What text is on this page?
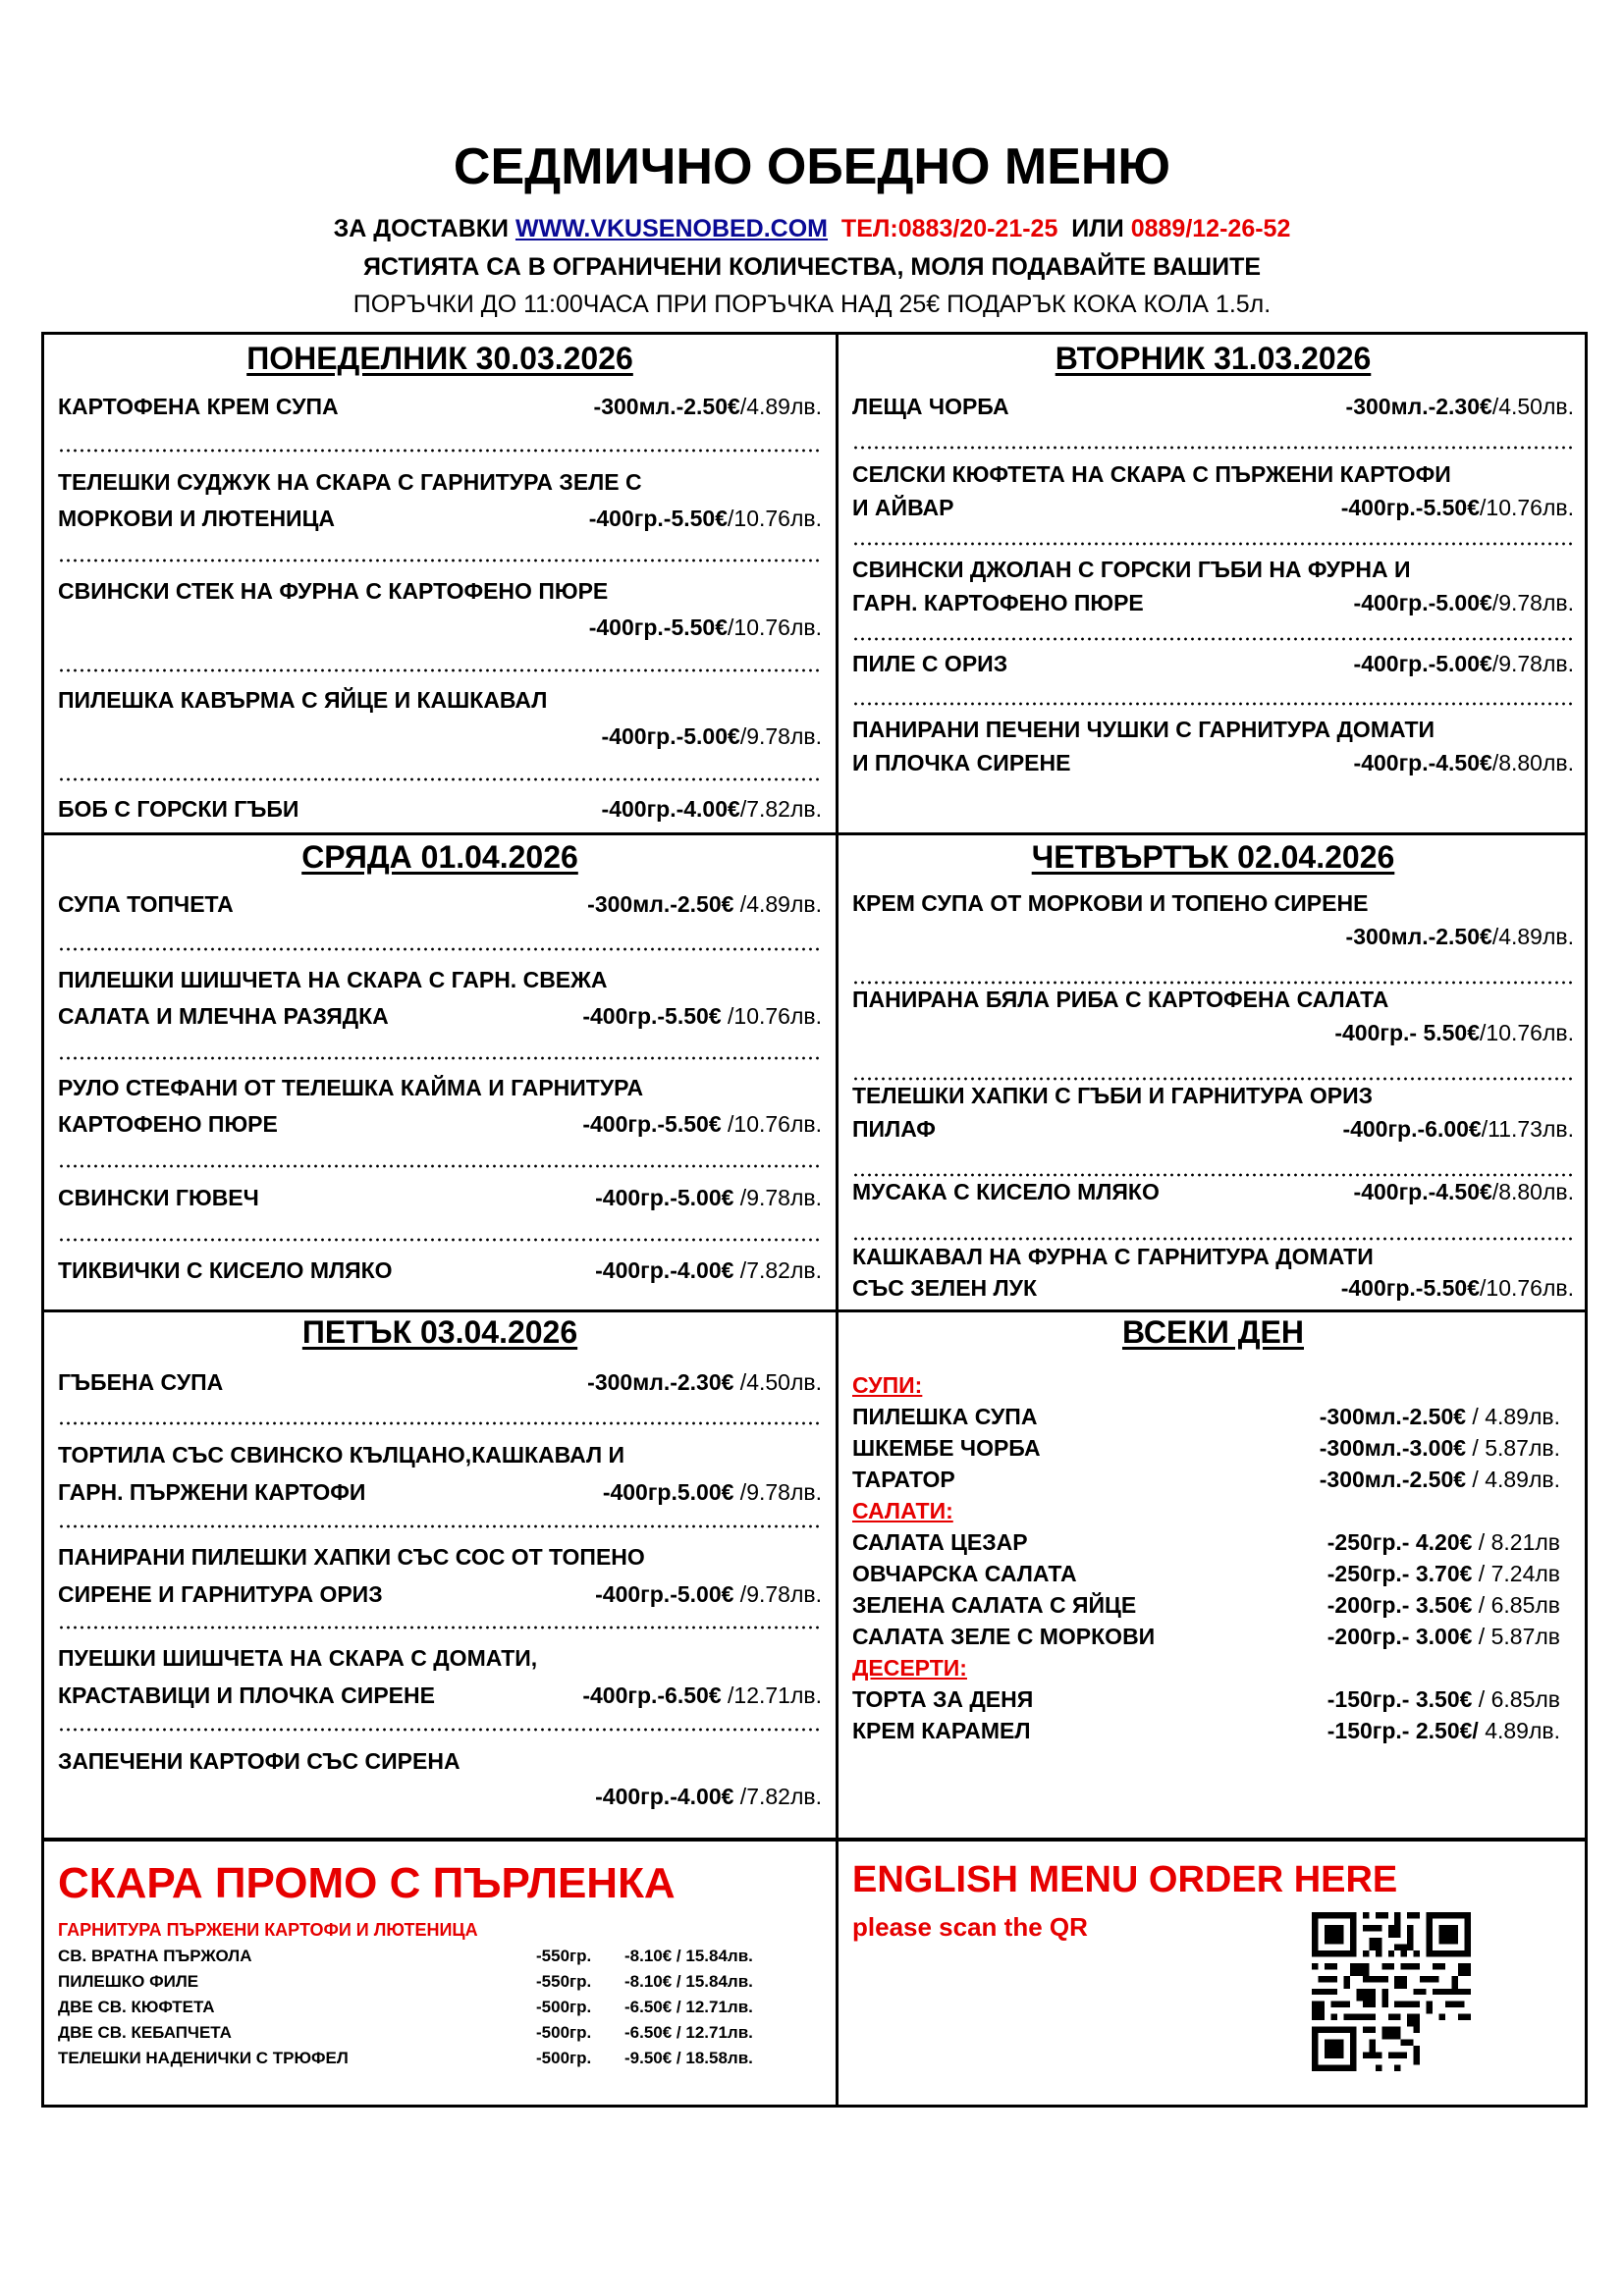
СЕДМИЧНО ОБЕДНО МЕНЮ
ЗА ДОСТАВКИ WWW.VKUSENOBED.COM ТЕЛ:0883/20-21-25 ИЛИ 0889/12-26-52
ЯСТИЯТА СА В ОГРАНИЧЕНИ КОЛИЧЕСТВА, МОЛЯ ПОДАВАЙТЕ ВАШИТЕ
ПОРЪЧКИ ДО 11:00ЧАСА ПРИ ПОРЪЧКА НАД 25€ ПОДАРЪК КОКА КОЛА 1.5л.
ПОНЕДЕЛНИК 30.03.2026
КАРТОФЕНА КРЕМ СУПА	-300мл.-2.50€/4.89лв.
ТЕЛЕШКИ СУДЖУК НА СКАРА С ГАРНИТУРА ЗЕЛЕ С
МОРКОВИ И ЛЮТЕНИЦА	-400гр.-5.50€/10.76лв.
СВИНСКИ СТЕК НА ФУРНА С КАРТОФЕНО ПЮРЕ
-400гр.-5.50€/10.76лв.
ПИЛЕШКА КАВЪРМА С ЯЙЦЕ И КАШКАВАЛ
-400гр.-5.00€/9.78лв.
БОБ С ГОРСКИ ГЪБИ	-400гр.-4.00€/7.82лв.
ВТОРНИК 31.03.2026
ЛЕЩА ЧОРБА	-300мл.-2.30€/4.50лв.
СЕЛСКИ КЮФТЕТА НА СКАРА С ПЪРЖЕНИ КАРТОФИ
И АЙВАР	-400гр.-5.50€/10.76лв.
СВИНСКИ ДЖОЛАН С ГОРСКИ ГЪБИ НА ФУРНА И
ГАРН. КАРТОФЕНО ПЮРЕ	-400гр.-5.00€/9.78лв.
ПИЛЕ С ОРИЗ	-400гр.-5.00€/9.78лв.
ПАНИРАНИ ПЕЧЕНИ ЧУШКИ С ГАРНИТУРА ДОМАТИ
И ПЛОЧКА СИРЕНЕ	-400гр.-4.50€/8.80лв.
СРЯДА 01.04.2026
СУПА ТОПЧЕТА	-300мл.-2.50€ /4.89лв.
ПИЛЕШКИ ШИШЧЕТА НА СКАРА С ГАРН. СВЕЖА
САЛАТА И МЛЕЧНА РАЗЯДКА	-400гр.-5.50€ /10.76лв.
РУЛО СТЕФАНИ ОТ ТЕЛЕШКА КАЙМА И ГАРНИТУРА
КАРТОФЕНО ПЮРЕ	-400гр.-5.50€ /10.76лв.
СВИНСКИ ГЮВЕЧ	-400гр.-5.00€ /9.78лв.
ТИКВИЧКИ С КИСЕЛО МЛЯКО	-400гр.-4.00€ /7.82лв.
ЧЕТВЪРТЪК 02.04.2026
КРЕМ СУПА ОТ МОРКОВИ И ТОПЕНО СИРЕНЕ
-300мл.-2.50€/4.89лв.
ПАНИРАНА БЯЛА РИБА С КАРТОФЕНА САЛАТА
-400гр.- 5.50€/10.76лв.
ТЕЛЕШКИ ХАПКИ С ГЪБИ И ГАРНИТУРА ОРИЗ
ПИЛАФ	-400гр.-6.00€/11.73лв.
МУСАКА С КИСЕЛО МЛЯКО	-400гр.-4.50€/8.80лв.
КАШКАВАЛ НА ФУРНА С ГАРНИТУРА ДОМАТИ
СЪС ЗЕЛЕН ЛУК	-400гр.-5.50€/10.76лв.
ПЕТЪК 03.04.2026
ГЪБЕНА СУПА	-300мл.-2.30€ /4.50лв.
ТОРТИЛА СЪС СВИНСКО КЪЛЦАНО,КАШКАВАЛ И
ГАРН. ПЪРЖЕНИ КАРТОФИ	-400гр.5.00€ /9.78лв.
ПАНИРАНИ ПИЛЕШКИ ХАПКИ СЪС СОС ОТ ТОПЕНО
СИРЕНЕ И ГАРНИТУРА ОРИЗ	-400гр.-5.00€ /9.78лв.
ПУЕШКИ ШИШЧЕТА НА СКАРА С ДОМАТИ,
КРАСТАВИЦИ И ПЛОЧКА СИРЕНЕ	-400гр.-6.50€ /12.71лв.
ЗАПЕЧЕНИ КАРТОФИ СЪС СИРЕНА
-400гр.-4.00€ /7.82лв.
ВСЕКИ ДЕН
СУПИ:
ПИЛЕШКА СУПА	-300мл.-2.50€ / 4.89лв.
ШКЕМБЕ ЧОРБА	-300мл.-3.00€ / 5.87лв.
ТАРАТОР	-300мл.-2.50€ / 4.89лв.
САЛАТИ:
САЛАТА ЦЕЗАР	-250гр.- 4.20€ / 8.21лв
ОВЧАРСКА САЛАТА	-250гр.- 3.70€ / 7.24лв
ЗЕЛЕНА САЛАТА С ЯЙЦЕ	-200гр.- 3.50€ / 6.85лв
САЛАТА ЗЕЛЕ С МОРКОВИ	-200гр.- 3.00€ / 5.87лв
ДЕСЕРТИ:
ТОРТА ЗА ДЕНЯ	-150гр.- 3.50€ / 6.85лв
КРЕМ КАРАМЕЛ	-150гр.- 2.50€/ 4.89лв.
СКАРА ПРОМО С ПЪРЛЕНКА
ГАРНИТУРА ПЪРЖЕНИ КАРТОФИ И ЛЮТЕНИЦА
СВ. ВРАТНА ПЪРЖОЛА	-550гр.	-8.10€ / 15.84лв.
ПИЛЕШКО ФИЛЕ	-550гр.	-8.10€ / 15.84лв.
ДВЕ СВ. КЮФТЕТА	-500гр.	-6.50€ / 12.71лв.
ДВЕ СВ. КЕБАПЧЕТА	-500гр.	-6.50€ / 12.71лв.
ТЕЛЕШКИ НАДЕНИЧКИ С ТРЮФЕЛ	-500гр.	-9.50€ / 18.58лв.
ENGLISH MENU ORDER HERE
please scan the QR
